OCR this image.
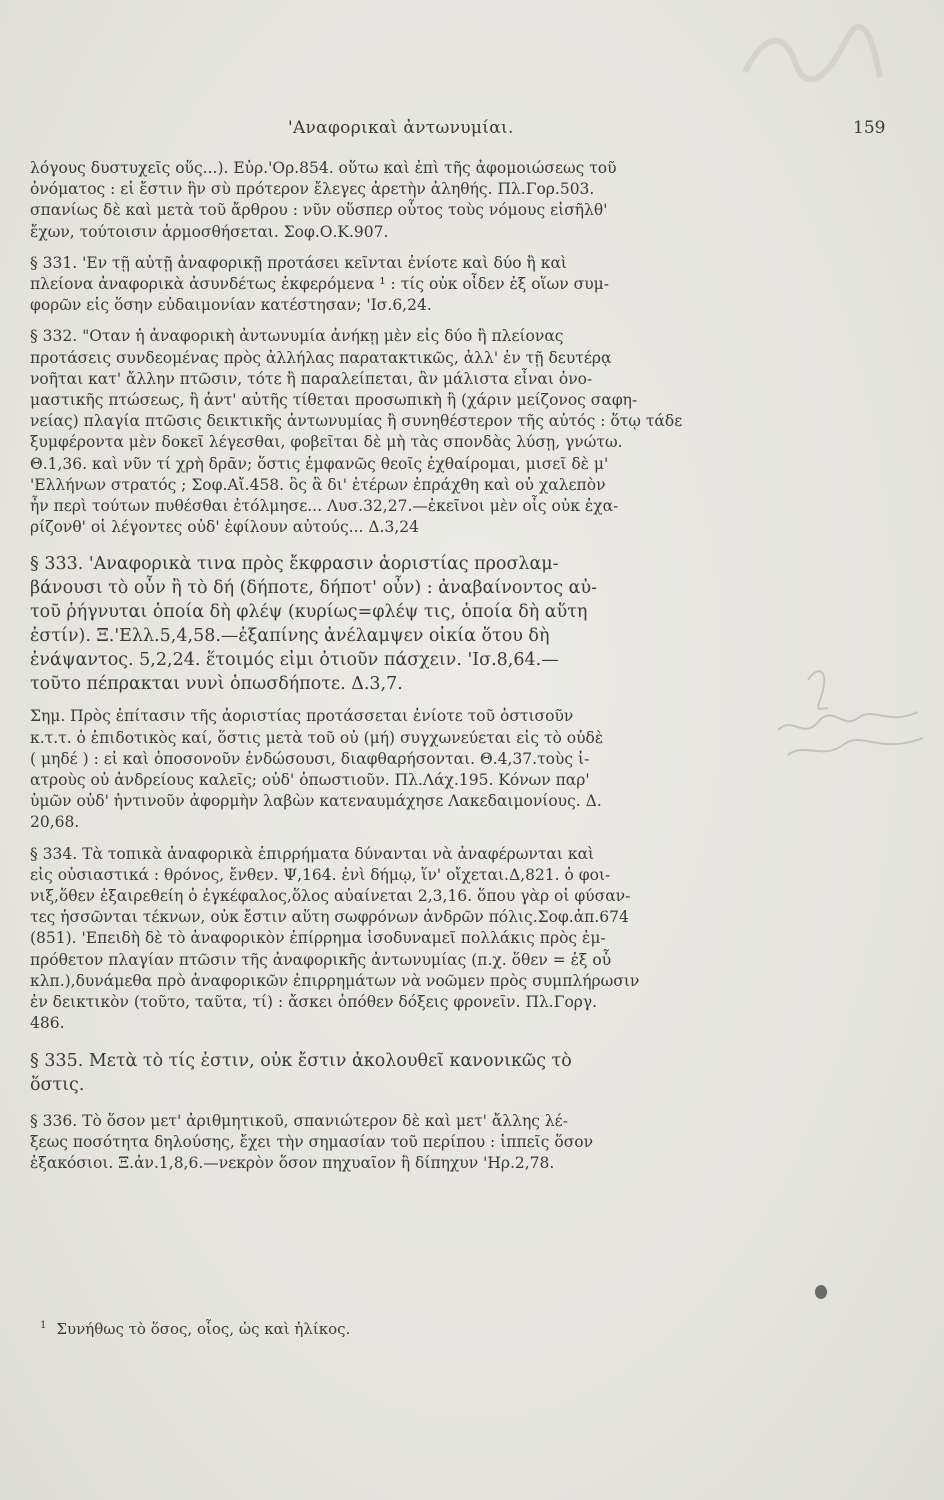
'Αναφορικαὶ ἀντωνυμίαι.	159

λόγους δυστυχεῖς οὕς...). Εὐρ.'Ορ.854. οὕτω καὶ ἐπὶ τῆς ἀφομοιώσεως τοῦ
ὀνόματος : εἰ ἔστιν ἣν σὺ πρότερον ἔλεγες ἀρετὴν ἀληθής. Πλ.Γορ.503.
σπανίως δὲ καὶ μετὰ τοῦ ἄρθρου : νῦν οὕσπερ οὗτος τοὺς νόμους εἰσῆλθ'
ἔχων, τούτοισιν ἁρμοσθήσεται. Σοφ.Ο.Κ.907.

§ 331. 'Εν τῇ αὐτῇ ἀναφορικῇ προτάσει κεῖνται ἐνίοτε καὶ δύο ἢ καὶ
πλείονα ἀναφορικὰ ἀσυνδέτως ἐκφερόμενα ¹ : τίς οὐκ οἶδεν ἐξ οἵων συμ-
φορῶν εἰς ὅσην εὐδαιμονίαν κατέστησαν; 'Ισ.6,24.

§ 332. "Οταν ἡ ἀναφορικὴ ἀντωνυμία ἀνήκῃ μὲν εἰς δύο ἢ πλείονας
προτάσεις συνδεομένας πρὸς ἀλλήλας παρατακτικῶς, ἀλλ' ἐν τῇ δευτέρᾳ
νοῆται κατ' ἄλλην πτῶσιν, τότε ἢ παραλείπεται, ἂν μάλιστα εἶναι ὀνο-
μαστικῆς πτώσεως, ἢ ἀντ' αὐτῆς τίθεται προσωπικὴ ἢ (χάριν μείζονος σαφη-
νείας) πλαγία πτῶσις δεικτικῆς ἀντωνυμίας ἢ συνηθέστερον τῆς αὐτός : ὅτῳ τάδε
ξυμφέροντα μὲν δοκεῖ λέγεσθαι, φοβεῖται δὲ μὴ τὰς σπονδὰς λύσῃ, γνώτω.
Θ.1,36. καὶ νῦν τί χρὴ δρᾶν; ὅστις ἐμφανῶς θεοῖς ἐχθαίρομαι, μισεῖ δὲ μ'
'Ελλήνων στρατός ; Σοφ.Αἴ.458. ὃς ἃ δι' ἑτέρων ἐπράχθη καὶ οὐ χαλεπὸν
ἦν περὶ τούτων πυθέσθαι ἐτόλμησε... Λυσ.32,27.—ἐκεῖνοι μὲν οἷς οὐκ ἐχα-
ρίζονθ' οἱ λέγοντες οὐδ' ἐφίλουν αὐτούς... Δ.3,24

§ 333. 'Αναφορικὰ τινα πρὸς ἔκφρασιν ἀοριστίας προσλαμ-
βάνουσι τὸ οὖν ἢ τὸ δή (δήποτε, δήποτ' οὖν) : ἀναβαίνοντος αὐ-
τοῦ ῥήγνυται ὁποία δὴ φλέψ (κυρίως=φλέψ τις, ὁποία δὴ αὕτη
ἐστίν). Ξ.'Ελλ.5,4,58.—ἐξαπίνης ἀνέλαμψεν οἰκία ὅτου δὴ
ἐνάψαντος. 5,2,24. ἕτοιμός εἰμι ὁτιοῦν πάσχειν. 'Ισ.8,64.—
τοῦτο πέπρακται νυνὶ ὁπωσδήποτε. Δ.3,7.

Σημ. Πρὸς ἐπίτασιν τῆς ἀοριστίας προτάσσεται ἐνίοτε τοῦ ὁστισοῦν
κ.τ.τ. ὁ ἐπιδοτικὸς καί, ὅστις μετὰ τοῦ οὐ (μή) συγχωνεύεται εἰς τὸ οὐδὲ
( μηδέ ) : εἰ καὶ ὁποσονοῦν ἐνδώσουσι, διαφθαρήσονται. Θ.4,37.τοὺς ἰ-
ατροὺς οὐ ἀνδρείους καλεῖς; οὐδ' ὁπωστιοῦν. Πλ.Λάχ.195. Κόνων παρ'
ὑμῶν οὐδ' ἡντινοῦν ἀφορμὴν λαβὼν κατεναυμάχησε Λακεδαιμονίους. Δ.
20,68.

§ 334. Τὰ τοπικὰ ἀναφορικὰ ἐπιρρήματα δύνανται νὰ ἀναφέρωνται καὶ
εἰς οὐσιαστικά : θρόνος, ἔνθεν. Ψ,164. ἐνὶ δήμῳ, ἵν' οἴχεται.Δ,821. ὁ φοι-
νιξ,ὅθεν ἐξαιρεθείη ὁ ἐγκέφαλος,ὅλος αὐαίνεται 2,3,16. ὅπου γὰρ οἱ φύσαν-
τες ἡσσῶνται τέκνων, οὐκ ἔστιν αὕτη σωφρόνων ἀνδρῶν πόλις.Σοφ.ἀπ.674
(851). 'Επειδὴ δὲ τὸ ἀναφορικὸν ἐπίρρημα ἰσοδυναμεῖ πολλάκις πρὸς ἐμ-
πρόθετον πλαγίαν πτῶσιν τῆς ἀναφορικῆς ἀντωνυμίας (π.χ. ὅθεν = ἐξ οὗ
κλπ.),δυνάμεθα πρὸ ἀναφορικῶν ἐπιρρημάτων νὰ νοῶμεν πρὸς συμπλήρωσιν
ἐν δεικτικὸν (τοῦτο, ταῦτα, τί) : ἄσκει ὁπόθεν δόξεις φρονεῖν. Πλ.Γοργ.
486.

§ 335. Μετὰ τὸ τίς ἐστιν, οὐκ ἔστιν ἀκολουθεῖ κανονικῶς τὸ
ὅστις.

§ 336. Τὸ ὅσον μετ' ἀριθμητικοῦ, σπανιώτερον δὲ καὶ μετ' ἄλλης λέ-
ξεως ποσότητα δηλούσης, ἔχει τὴν σημασίαν τοῦ περίπου : ἱππεῖς ὅσον
ἑξακόσιοι. Ξ.ἀν.1,8,6.—νεκρὸν ὅσον πηχυαῖον ἢ δίπηχυν 'Ηρ.2,78.

$^1$ Συνήθως τὸ ὅσος, οἷος, ὡς καὶ ἡλίκος.
